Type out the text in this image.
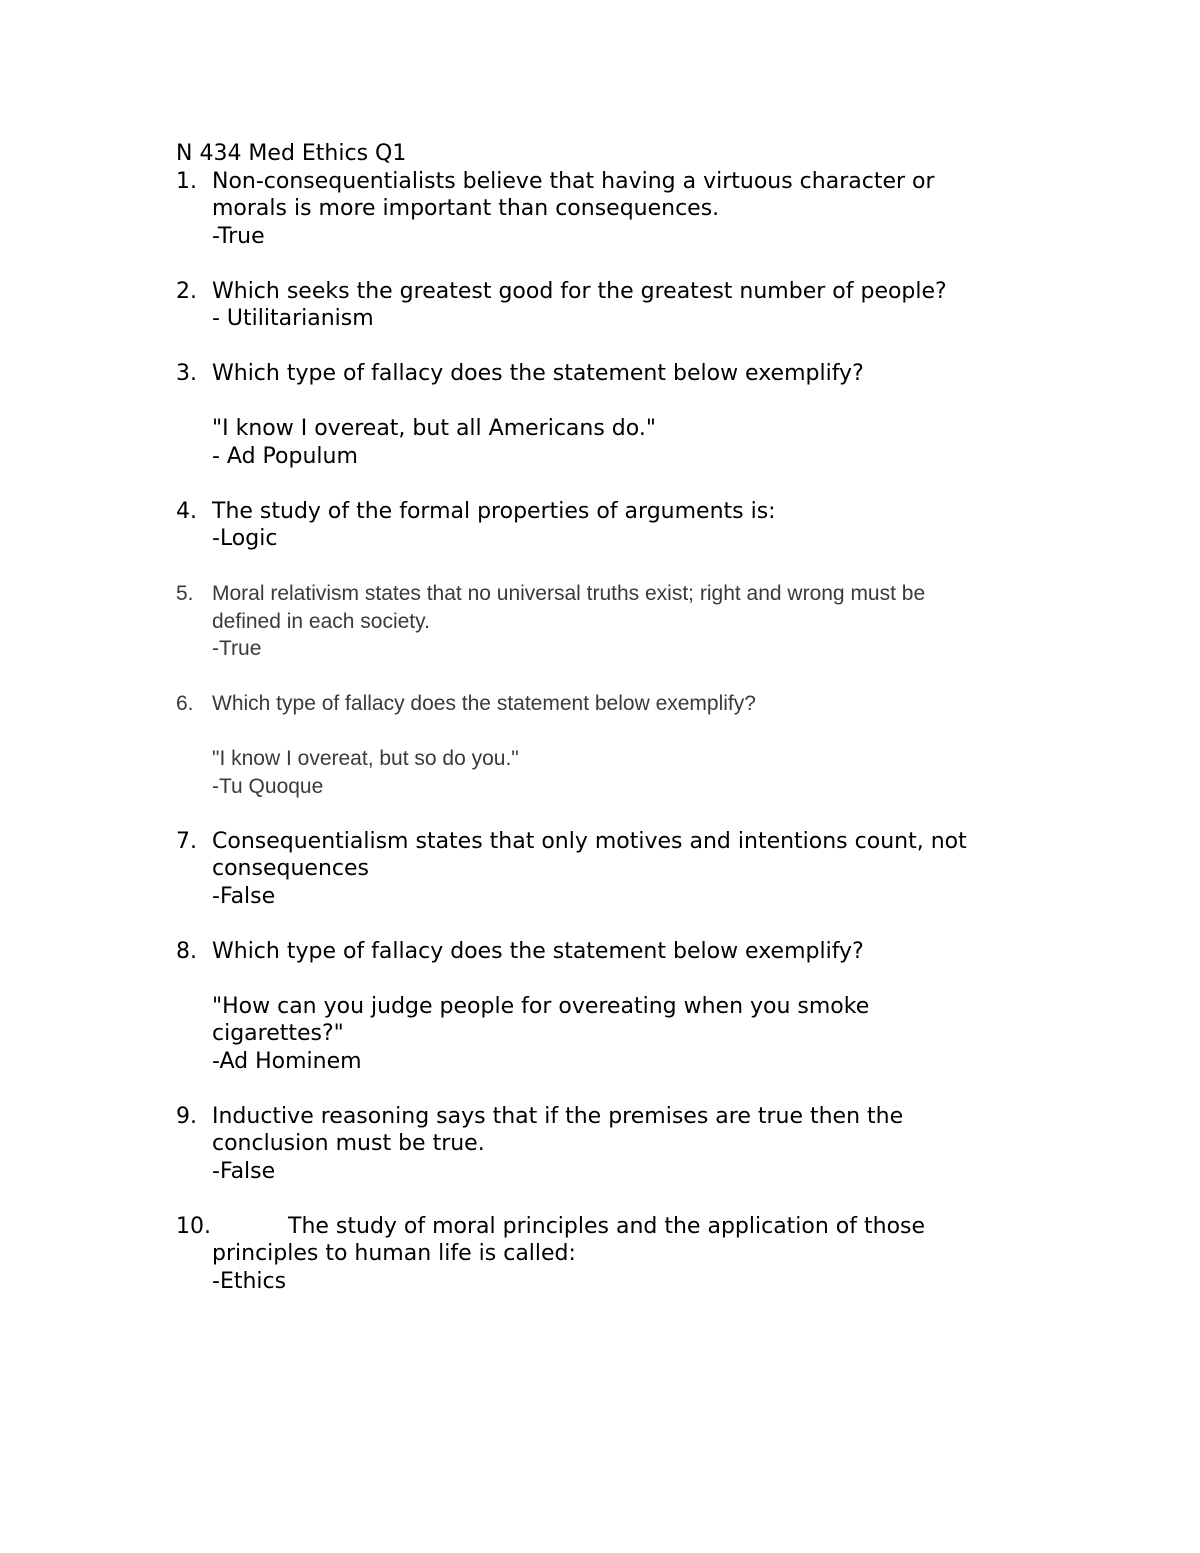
N 434 Med Ethics Q1
1. Non-consequentialists believe that having a virtuous character or
morals is more important than consequences.
-True
2. Which seeks the greatest good for the greatest number of people?
- Utilitarianism
3. Which type of fallacy does the statement below exemplify?
"I know I overeat, but all Americans do."
- Ad Populum
4. The study of the formal properties of arguments is:
-Logic
5. Moral relativism states that no universal truths exist; right and wrong must be
defined in each society.
-True
6. Which type of fallacy does the statement below exemplify?
"I know I overeat, but so do you."
-Tu Quoque
7. Consequentialism states that only motives and intentions count, not
consequences
-False
8. Which type of fallacy does the statement below exemplify?
"How can you judge people for overeating when you smoke
cigarettes?"
-Ad Hominem
9. Inductive reasoning says that if the premises are true then the
conclusion must be true.
-False
10.	The study of moral principles and the application of those
principles to human life is called:
-Ethics
